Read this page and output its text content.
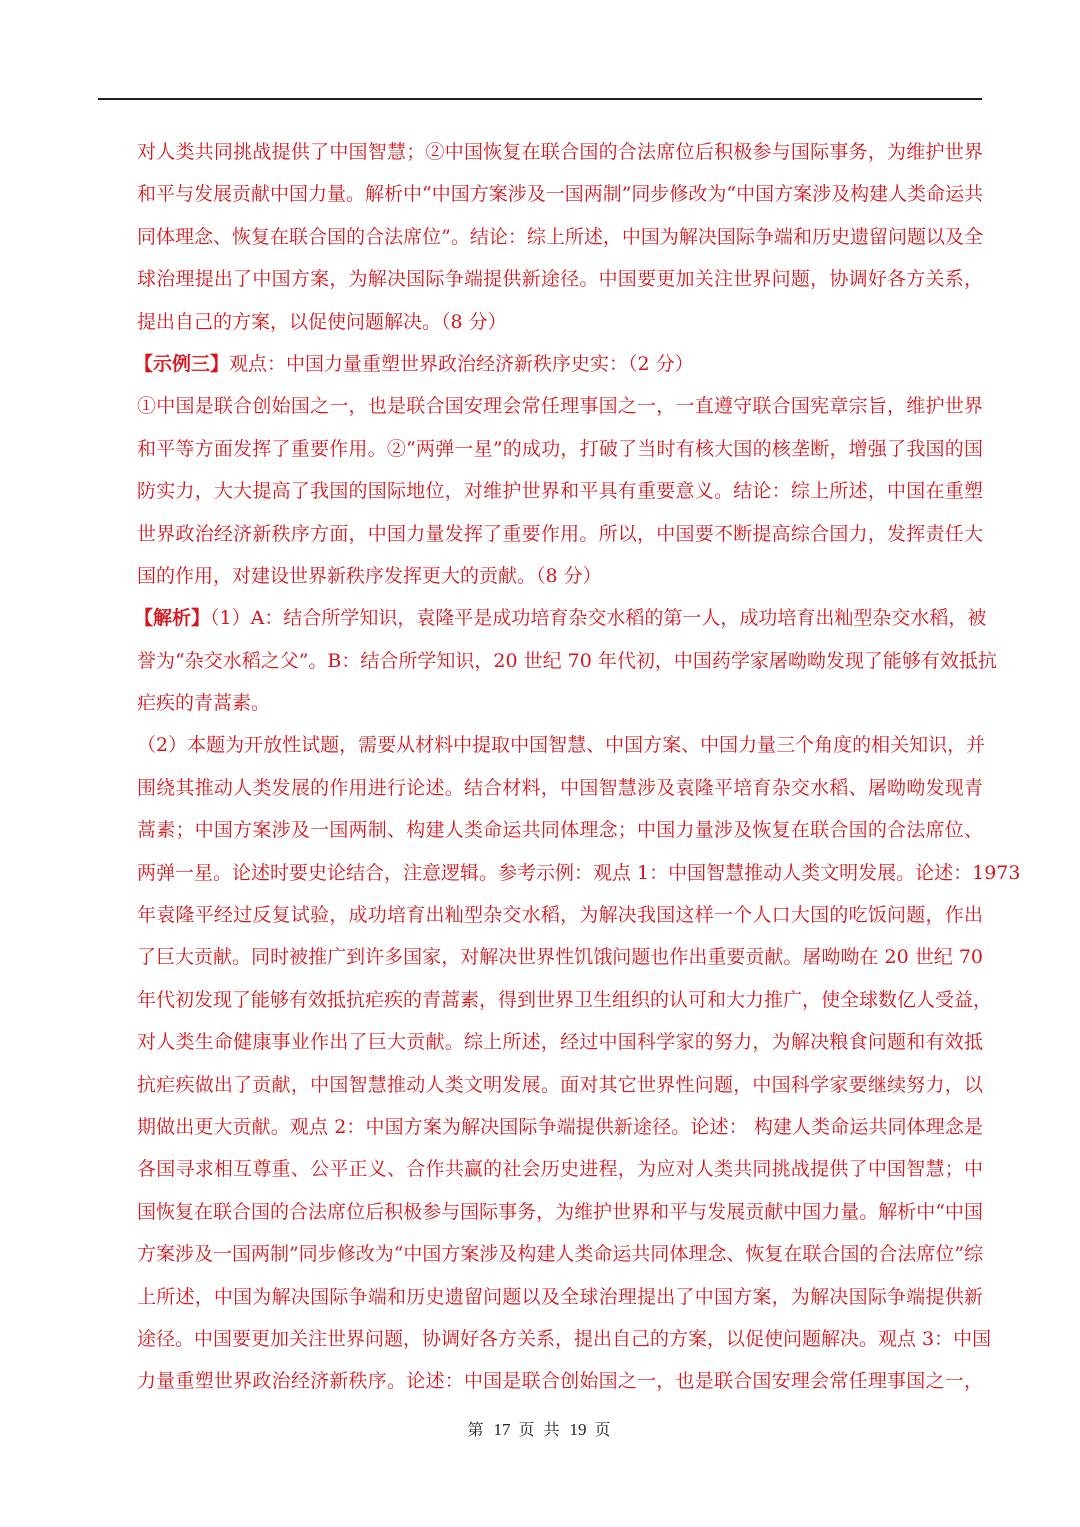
对人类共同挑战提供了中国智慧；②中国恢复在联合国的合法席位后积极参与国际事务，为维护世界
和平与发展贡献中国力量。解析中“中国方案涉及一国两制”同步修改为“中国方案涉及构建人类命运共
同体理念、恢复在联合国的合法席位”。结论：综上所述，中国为解决国际争端和历史遗留问题以及全
球治理提出了中国方案，为解决国际争端提供新途径。中国要更加关注世界问题，协调好各方关系，
提出自己的方案，以促使问题解决。（8 分）
【示例三】观点：中国力量重塑世界政治经济新秩序史实：（2 分）
①中国是联合创始国之一，也是联合国安理会常任理事国之一，一直遵守联合国宪章宗旨，维护世界
和平等方面发挥了重要作用。②“两弹一星”的成功，打破了当时有核大国的核垄断，增强了我国的国
防实力，大大提高了我国的国际地位，对维护世界和平具有重要意义。结论：综上所述，中国在重塑
世界政治经济新秩序方面，中国力量发挥了重要作用。所以，中国要不断提高综合国力，发挥责任大
国的作用，对建设世界新秩序发挥更大的贡献。（8 分）
【解析】（1）A：结合所学知识，袁隆平是成功培育杂交水稻的第一人，成功培育出籼型杂交水稻，被
誉为“杂交水稻之父”。B：结合所学知识，20 世纪 70 年代初，中国药学家屠呦呦发现了能够有效抵抗
疟疾的青蒿素。
（2）本题为开放性试题，需要从材料中提取中国智慧、中国方案、中国力量三个角度的相关知识，并
围绕其推动人类发展的作用进行论述。结合材料，中国智慧涉及袁隆平培育杂交水稻、屠呦呦发现青
蒿素；中国方案涉及一国两制、构建人类命运共同体理念；中国力量涉及恢复在联合国的合法席位、
两弹一星。论述时要史论结合，注意逻辑。参考示例：观点 1：中国智慧推动人类文明发展。论述：1973
年袁隆平经过反复试验，成功培育出籼型杂交水稻，为解决我国这样一个人口大国的吃饭问题，作出
了巨大贡献。同时被推广到许多国家，对解决世界性饥饿问题也作出重要贡献。屠呦呦在 20 世纪 70
年代初发现了能够有效抵抗疟疾的青蒿素，得到世界卫生组织的认可和大力推广，使全球数亿人受益，
对人类生命健康事业作出了巨大贡献。综上所述，经过中国科学家的努力，为解决粮食问题和有效抵
抗疟疾做出了贡献，中国智慧推动人类文明发展。面对其它世界性问题，中国科学家要继续努力，以
期做出更大贡献。观点 2：中国方案为解决国际争端提供新途径。论述： 构建人类命运共同体理念是
各国寻求相互尊重、公平正义、合作共赢的社会历史进程，为应对人类共同挑战提供了中国智慧；中
国恢复在联合国的合法席位后积极参与国际事务，为维护世界和平与发展贡献中国力量。解析中“中国
方案涉及一国两制”同步修改为“中国方案涉及构建人类命运共同体理念、恢复在联合国的合法席位”综
上所述，中国为解决国际争端和历史遗留问题以及全球治理提出了中国方案，为解决国际争端提供新
途径。中国要更加关注世界问题，协调好各方关系，提出自己的方案，以促使问题解决。观点 3：中国
力量重塑世界政治经济新秩序。论述：中国是联合创始国之一，也是联合国安理会常任理事国之一，
第 17 页 共 19 页
